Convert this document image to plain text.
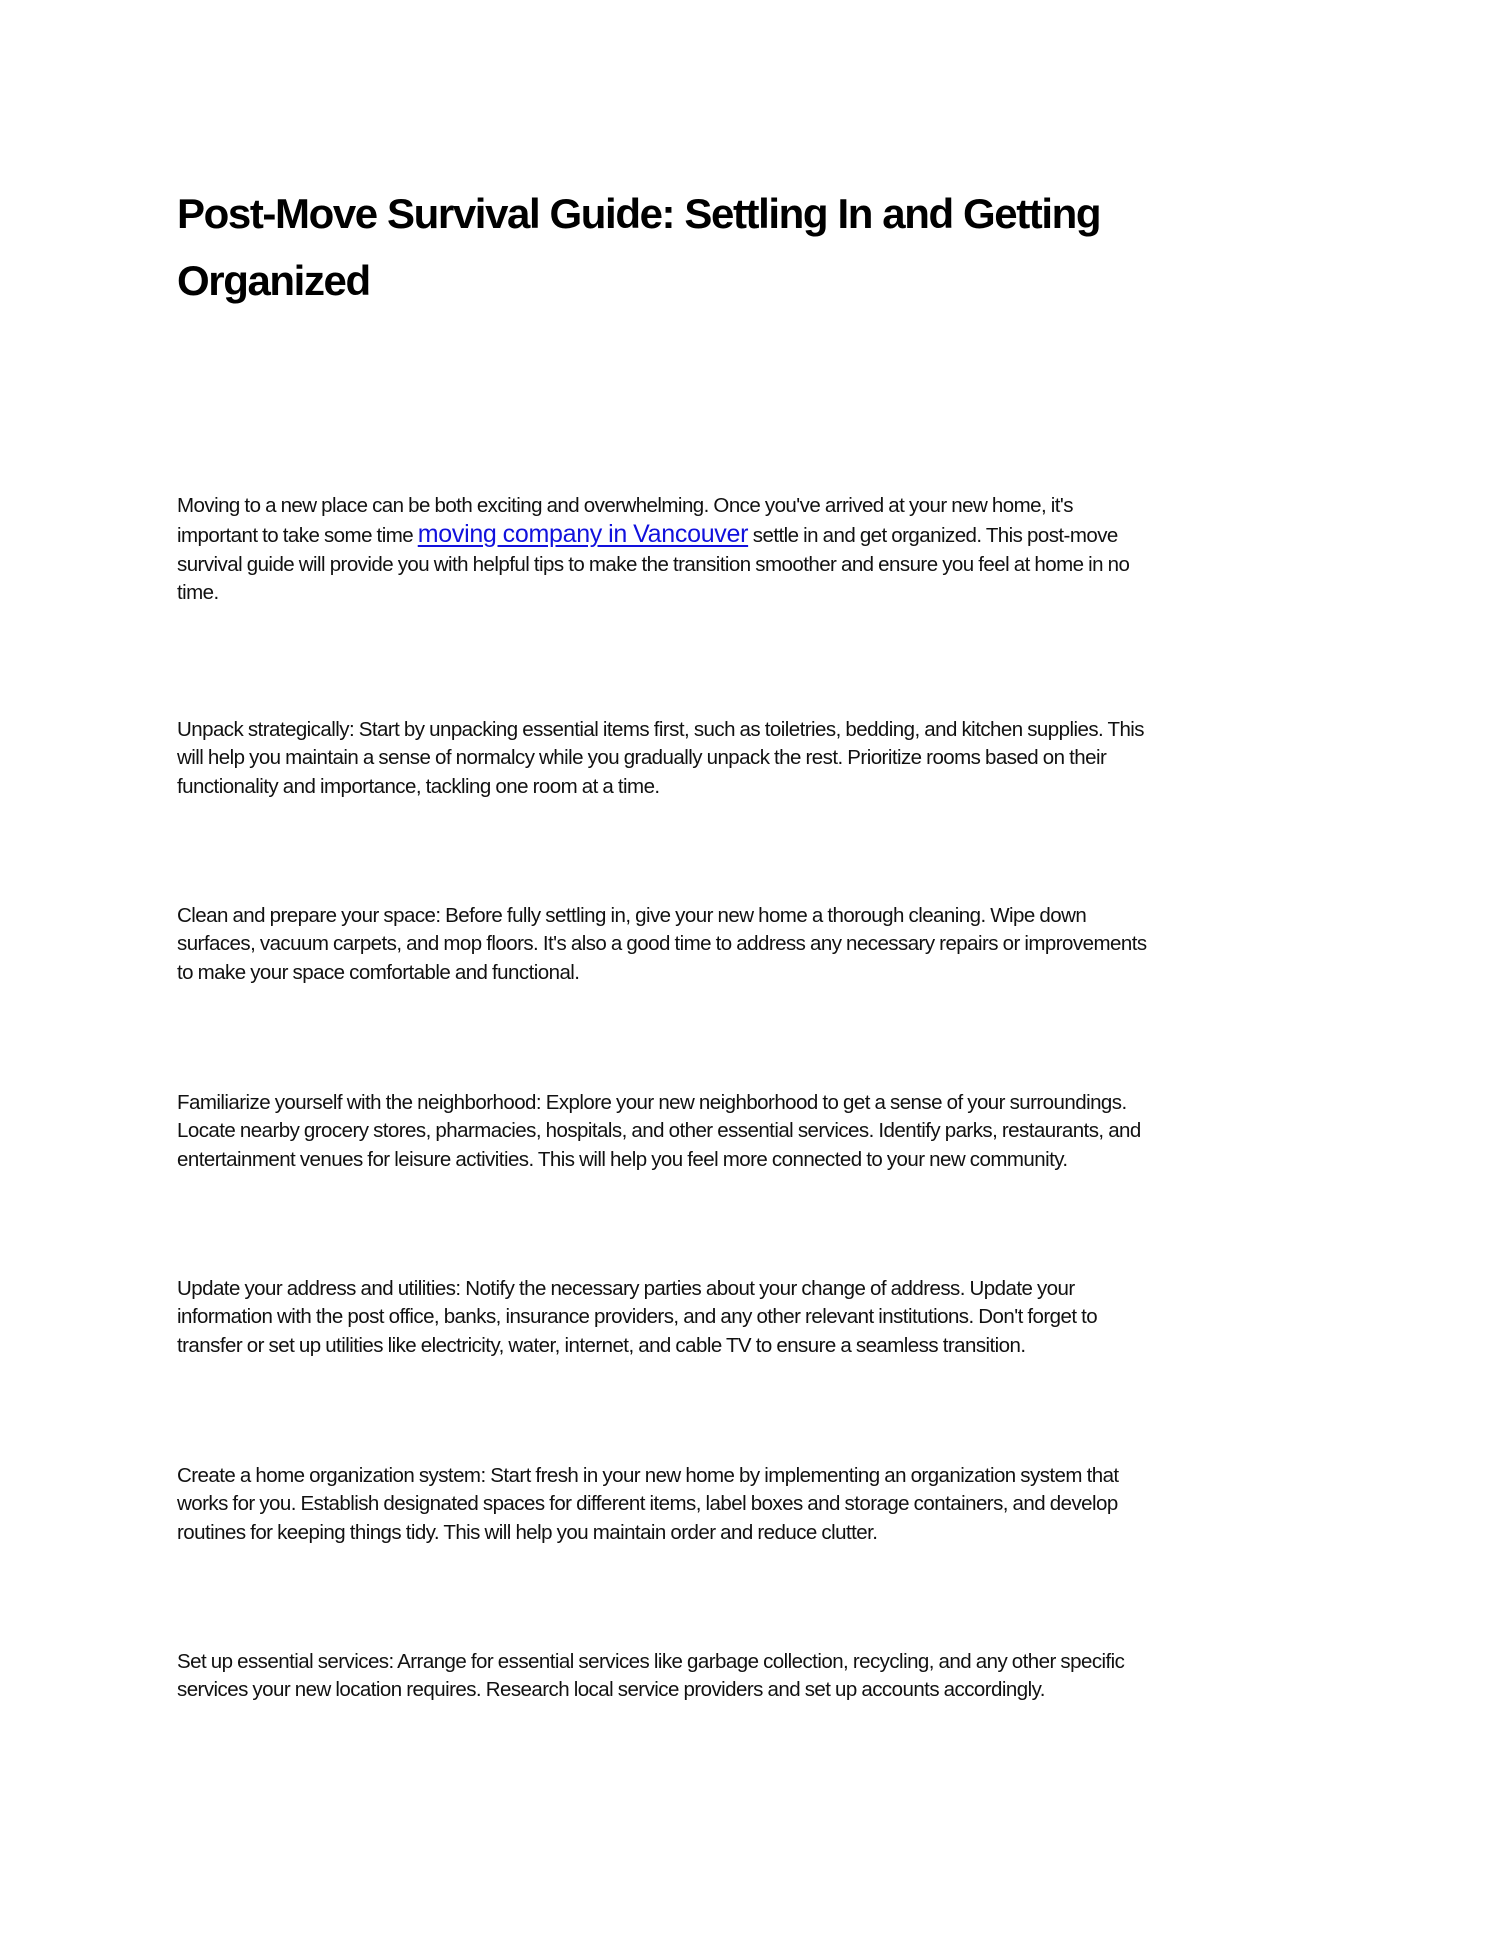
Post-Move Survival Guide: Settling In and Getting
Organized

Moving to a new place can be both exciting and overwhelming. Once you've arrived at your new home, it's
important to take some time moving company in Vancouver settle in and get organized. This post-move
survival guide will provide you with helpful tips to make the transition smoother and ensure you feel at home in no
time.

Unpack strategically: Start by unpacking essential items first, such as toiletries, bedding, and kitchen supplies. This
will help you maintain a sense of normalcy while you gradually unpack the rest. Prioritize rooms based on their
functionality and importance, tackling one room at a time.

Clean and prepare your space: Before fully settling in, give your new home a thorough cleaning. Wipe down
surfaces, vacuum carpets, and mop floors. It's also a good time to address any necessary repairs or improvements
to make your space comfortable and functional.

Familiarize yourself with the neighborhood: Explore your new neighborhood to get a sense of your surroundings.
Locate nearby grocery stores, pharmacies, hospitals, and other essential services. Identify parks, restaurants, and
entertainment venues for leisure activities. This will help you feel more connected to your new community.

Update your address and utilities: Notify the necessary parties about your change of address. Update your
information with the post office, banks, insurance providers, and any other relevant institutions. Don't forget to
transfer or set up utilities like electricity, water, internet, and cable TV to ensure a seamless transition.

Create a home organization system: Start fresh in your new home by implementing an organization system that
works for you. Establish designated spaces for different items, label boxes and storage containers, and develop
routines for keeping things tidy. This will help you maintain order and reduce clutter.

Set up essential services: Arrange for essential services like garbage collection, recycling, and any other specific
services your new location requires. Research local service providers and set up accounts accordingly.
